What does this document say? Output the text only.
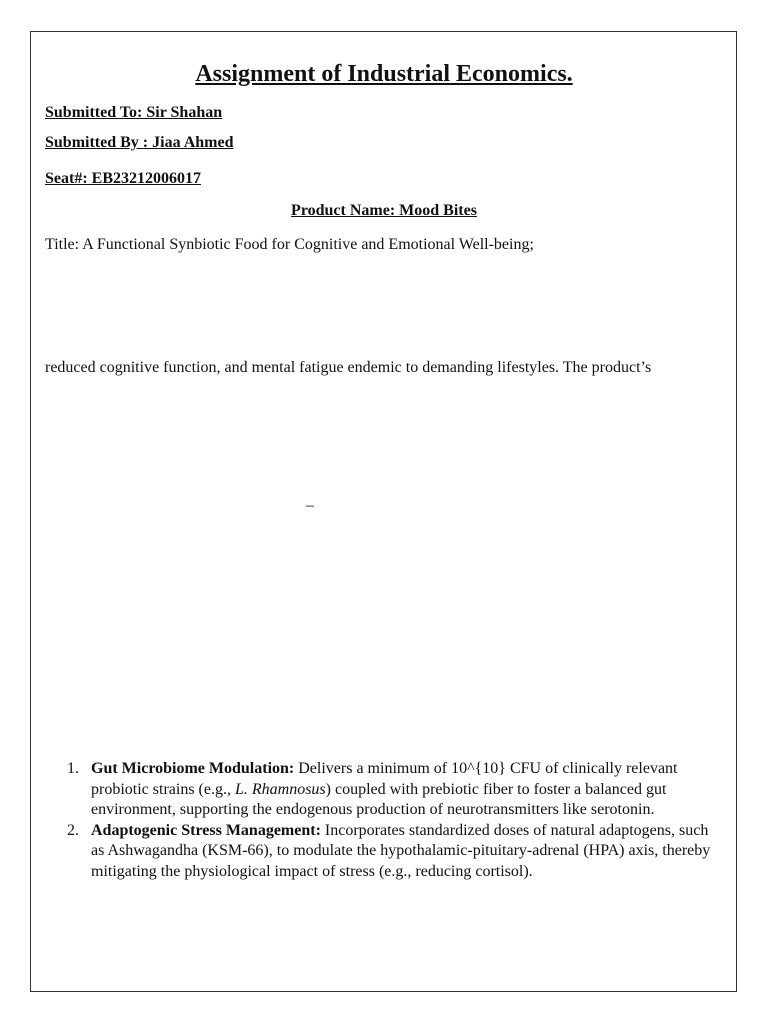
Assignment of Industrial Economics.

Submitted To: Sir Shahan

Submitted By : Jiaa Ahmed

Seat#: EB23212006017

Product Name: Mood Bites

Title: A Functional Synbiotic Food for Cognitive and Emotional Well-being;

reduced cognitive function, and mental fatigue endemic to demanding lifestyles. The product’s

–
1. Gut Microbiome Modulation: Delivers a minimum of 10^{10} CFU of clinically relevant probiotic strains (e.g., L. Rhamnosus) coupled with prebiotic fiber to foster a balanced gut environment, supporting the endogenous production of neurotransmitters like serotonin.
2. Adaptogenic Stress Management: Incorporates standardized doses of natural adaptogens, such as Ashwagandha (KSM-66), to modulate the hypothalamic-pituitary-adrenal (HPA) axis, thereby mitigating the physiological impact of stress (e.g., reducing cortisol).
